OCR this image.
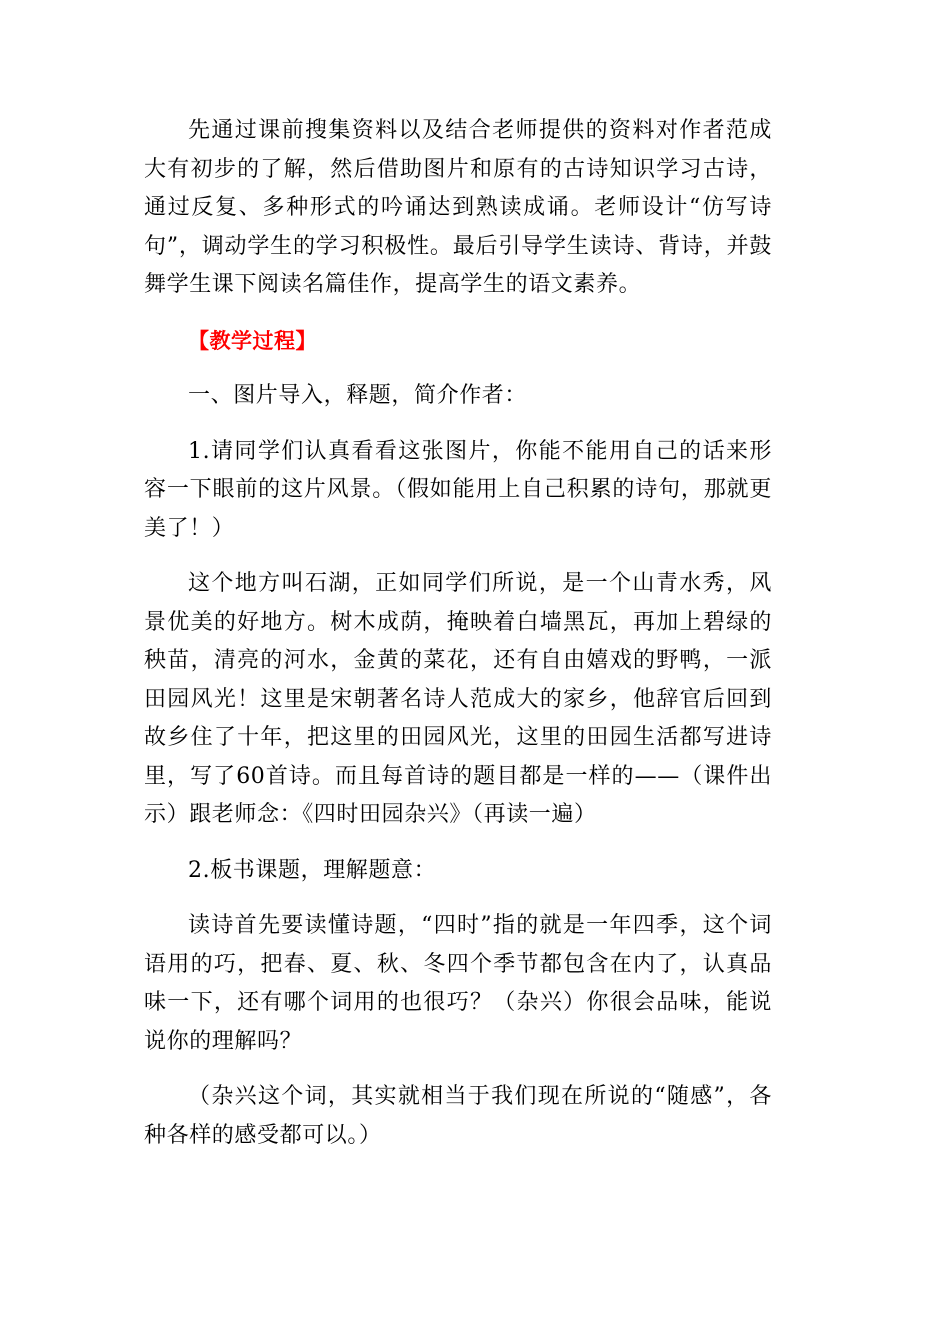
先通过课前搜集资料以及结合老师提供的资料对作者范成大有初步的了解，然后借助图片和原有的古诗知识学习古诗，通过反复、多种形式的吟诵达到熟读成诵。老师设计“仿写诗句”，调动学生的学习积极性。最后引导学生读诗、背诗，并鼓舞学生课下阅读名篇佳作，提高学生的语文素养。

【教学过程】

一、图片导入，释题，简介作者：

1.请同学们认真看看这张图片，你能不能用自己的话来形容一下眼前的这片风景。（假如能用上自己积累的诗句，那就更美了！）

这个地方叫石湖，正如同学们所说，是一个山青水秀，风景优美的好地方。树木成荫，掩映着白墙黑瓦，再加上碧绿的秧苗，清亮的河水，金黄的菜花，还有自由嬉戏的野鸭，一派田园风光！这里是宋朝著名诗人范成大的家乡，他辞官后回到故乡住了十年，把这里的田园风光，这里的田园生活都写进诗里，写了60首诗。而且每首诗的题目都是一样的——（课件出示）跟老师念：《四时田园杂兴》（再读一遍）

2.板书课题，理解题意：

读诗首先要读懂诗题，“四时”指的就是一年四季，这个词语用的巧，把春、夏、秋、冬四个季节都包含在内了，认真品味一下，还有哪个词用的也很巧？（杂兴）你很会品味，能说说你的理解吗？

（杂兴这个词，其实就相当于我们现在所说的“随感”，各种各样的感受都可以。）
